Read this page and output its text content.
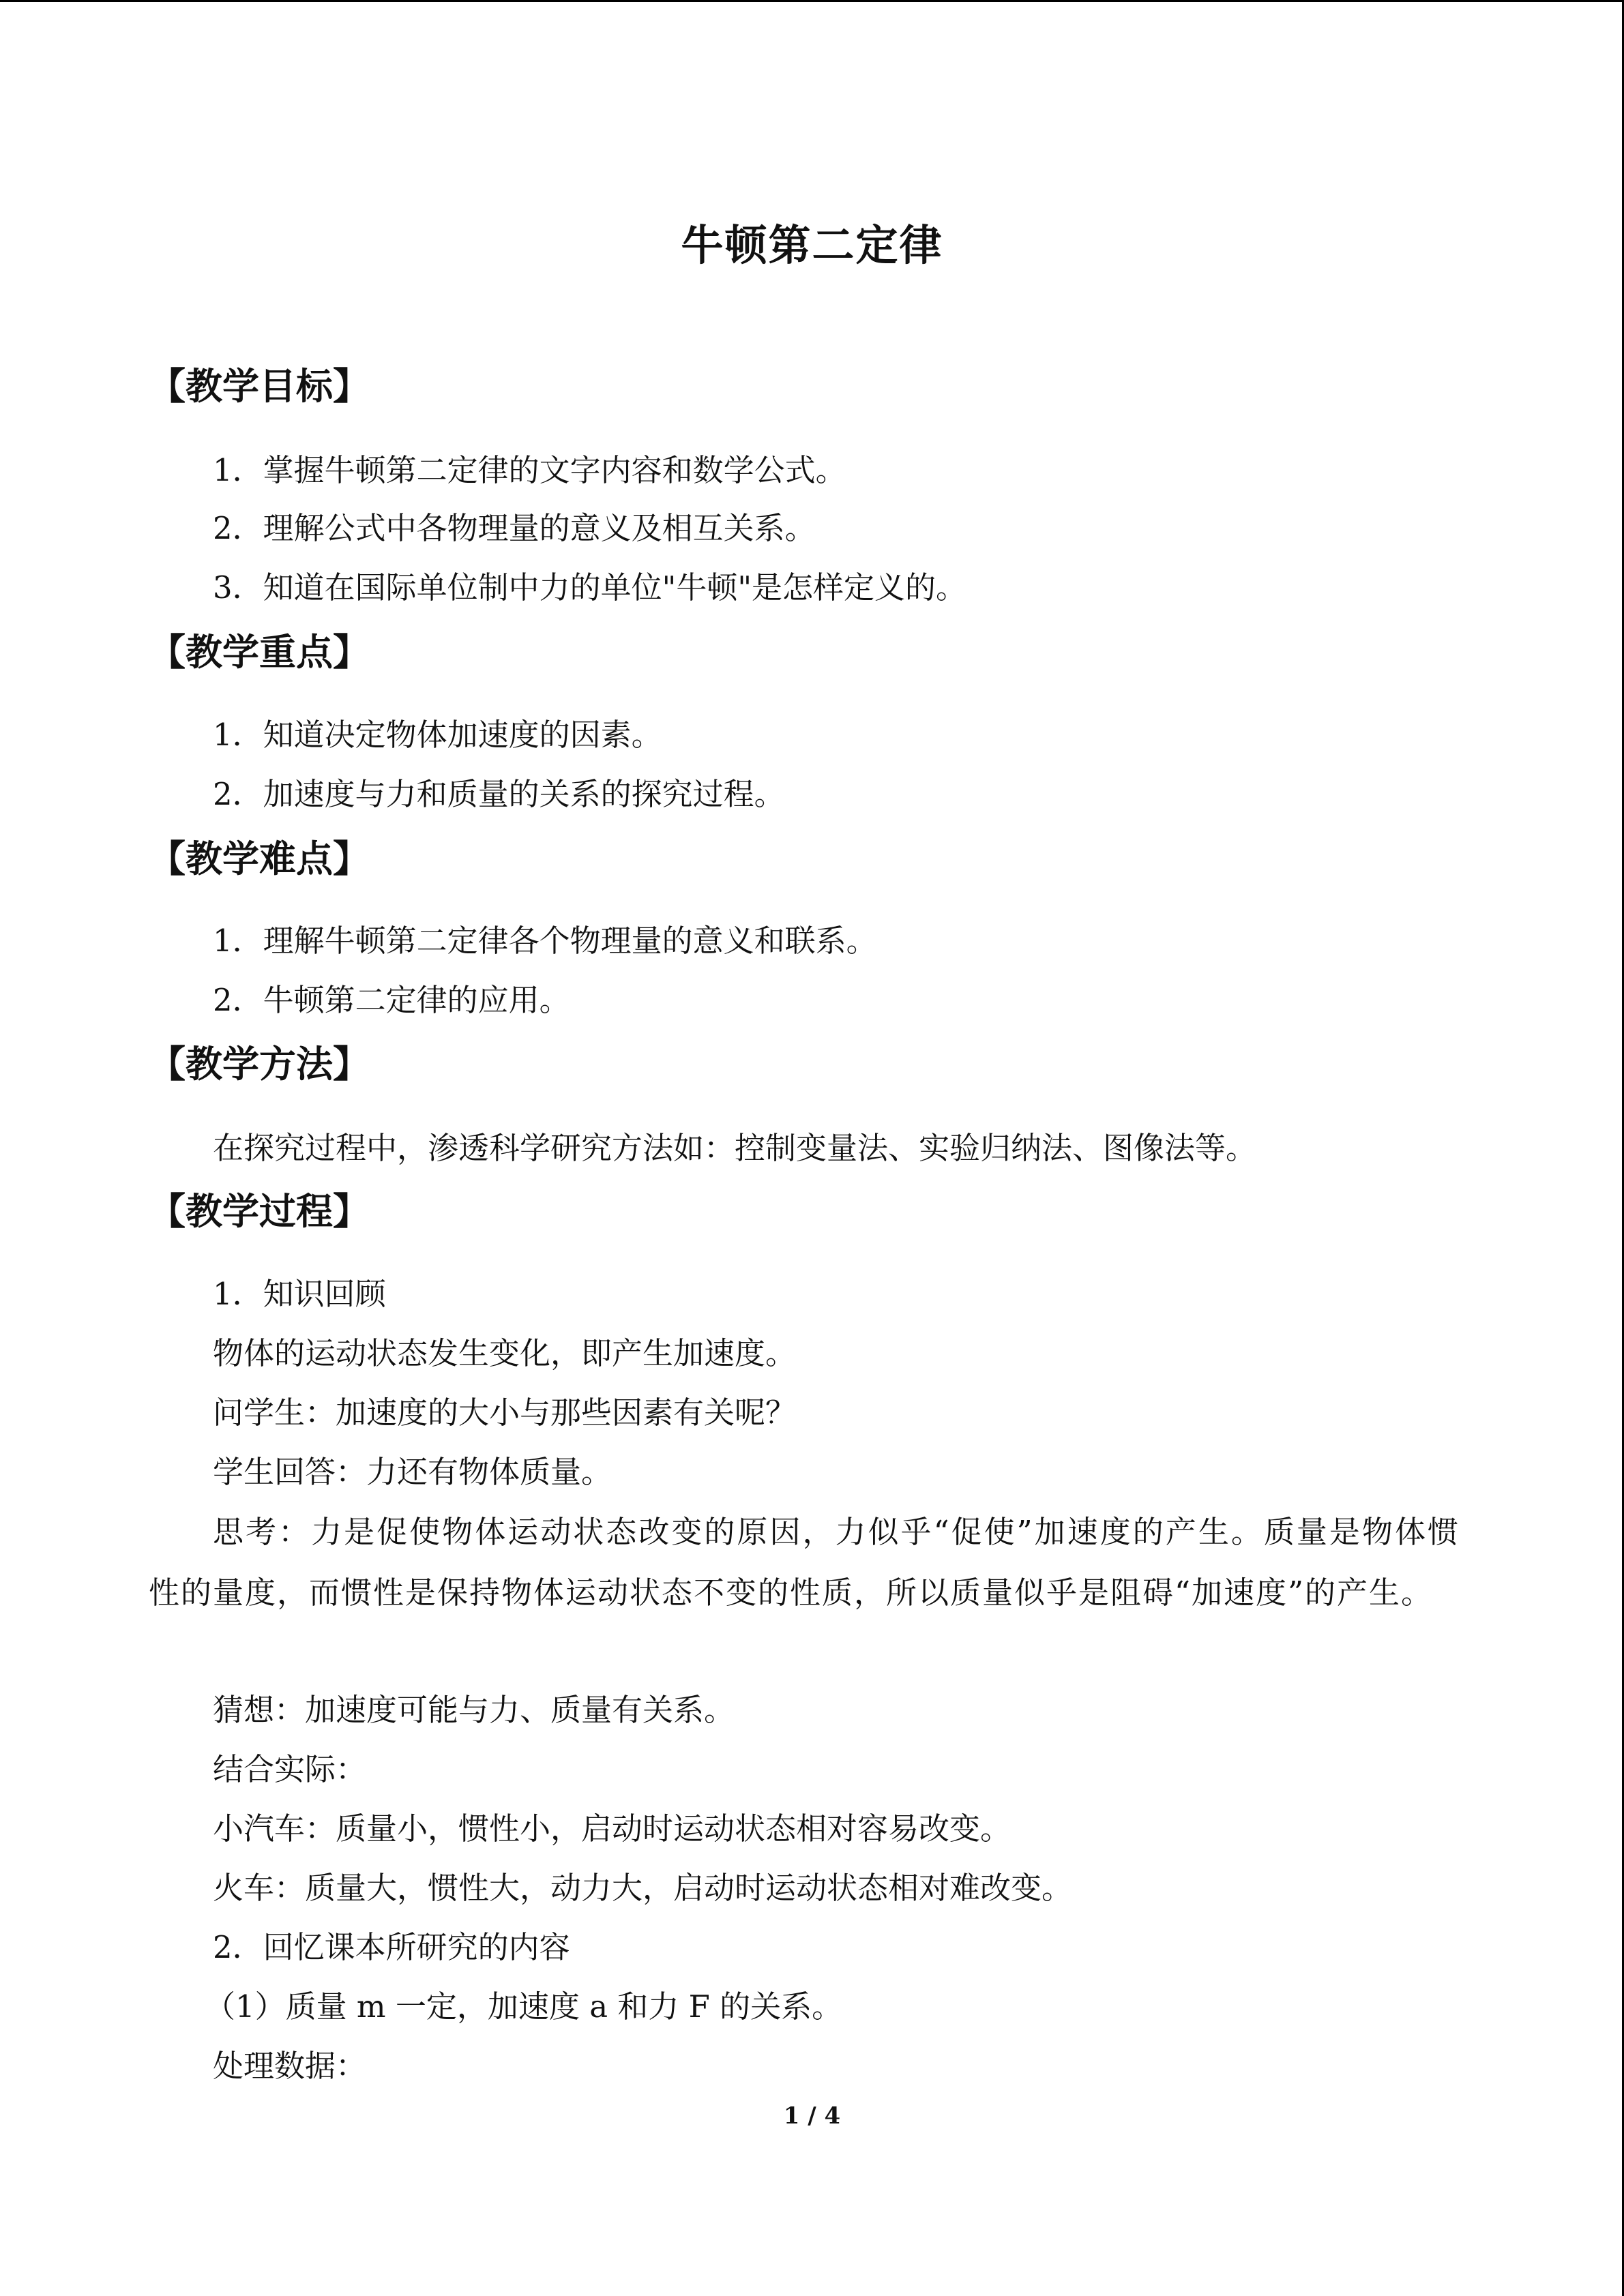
牛顿第二定律
【教学目标】
1．掌握牛顿第二定律的文字内容和数学公式。
2．理解公式中各物理量的意义及相互关系。
3．知道在国际单位制中力的单位"牛顿"是怎样定义的。
【教学重点】
1．知道决定物体加速度的因素。
2．加速度与力和质量的关系的探究过程。
【教学难点】
1．理解牛顿第二定律各个物理量的意义和联系。
2．牛顿第二定律的应用。
【教学方法】
在探究过程中，渗透科学研究方法如：控制变量法、实验归纳法、图像法等。
【教学过程】
1．知识回顾
物体的运动状态发生变化，即产生加速度。
问学生：加速度的大小与那些因素有关呢？
学生回答：力还有物体质量。
思考：力是促使物体运动状态改变的原因，力似乎“促使”加速度的产生。质量是物体惯性的量度，而惯性是保持物体运动状态不变的性质，所以质量似乎是阻碍“加速度”的产生。
猜想：加速度可能与力、质量有关系。
结合实际：
小汽车：质量小，惯性小，启动时运动状态相对容易改变。
火车：质量大，惯性大，动力大，启动时运动状态相对难改变。
2．回忆课本所研究的内容
（1）质量 m 一定，加速度 a 和力 F 的关系。
处理数据：
1 / 4
